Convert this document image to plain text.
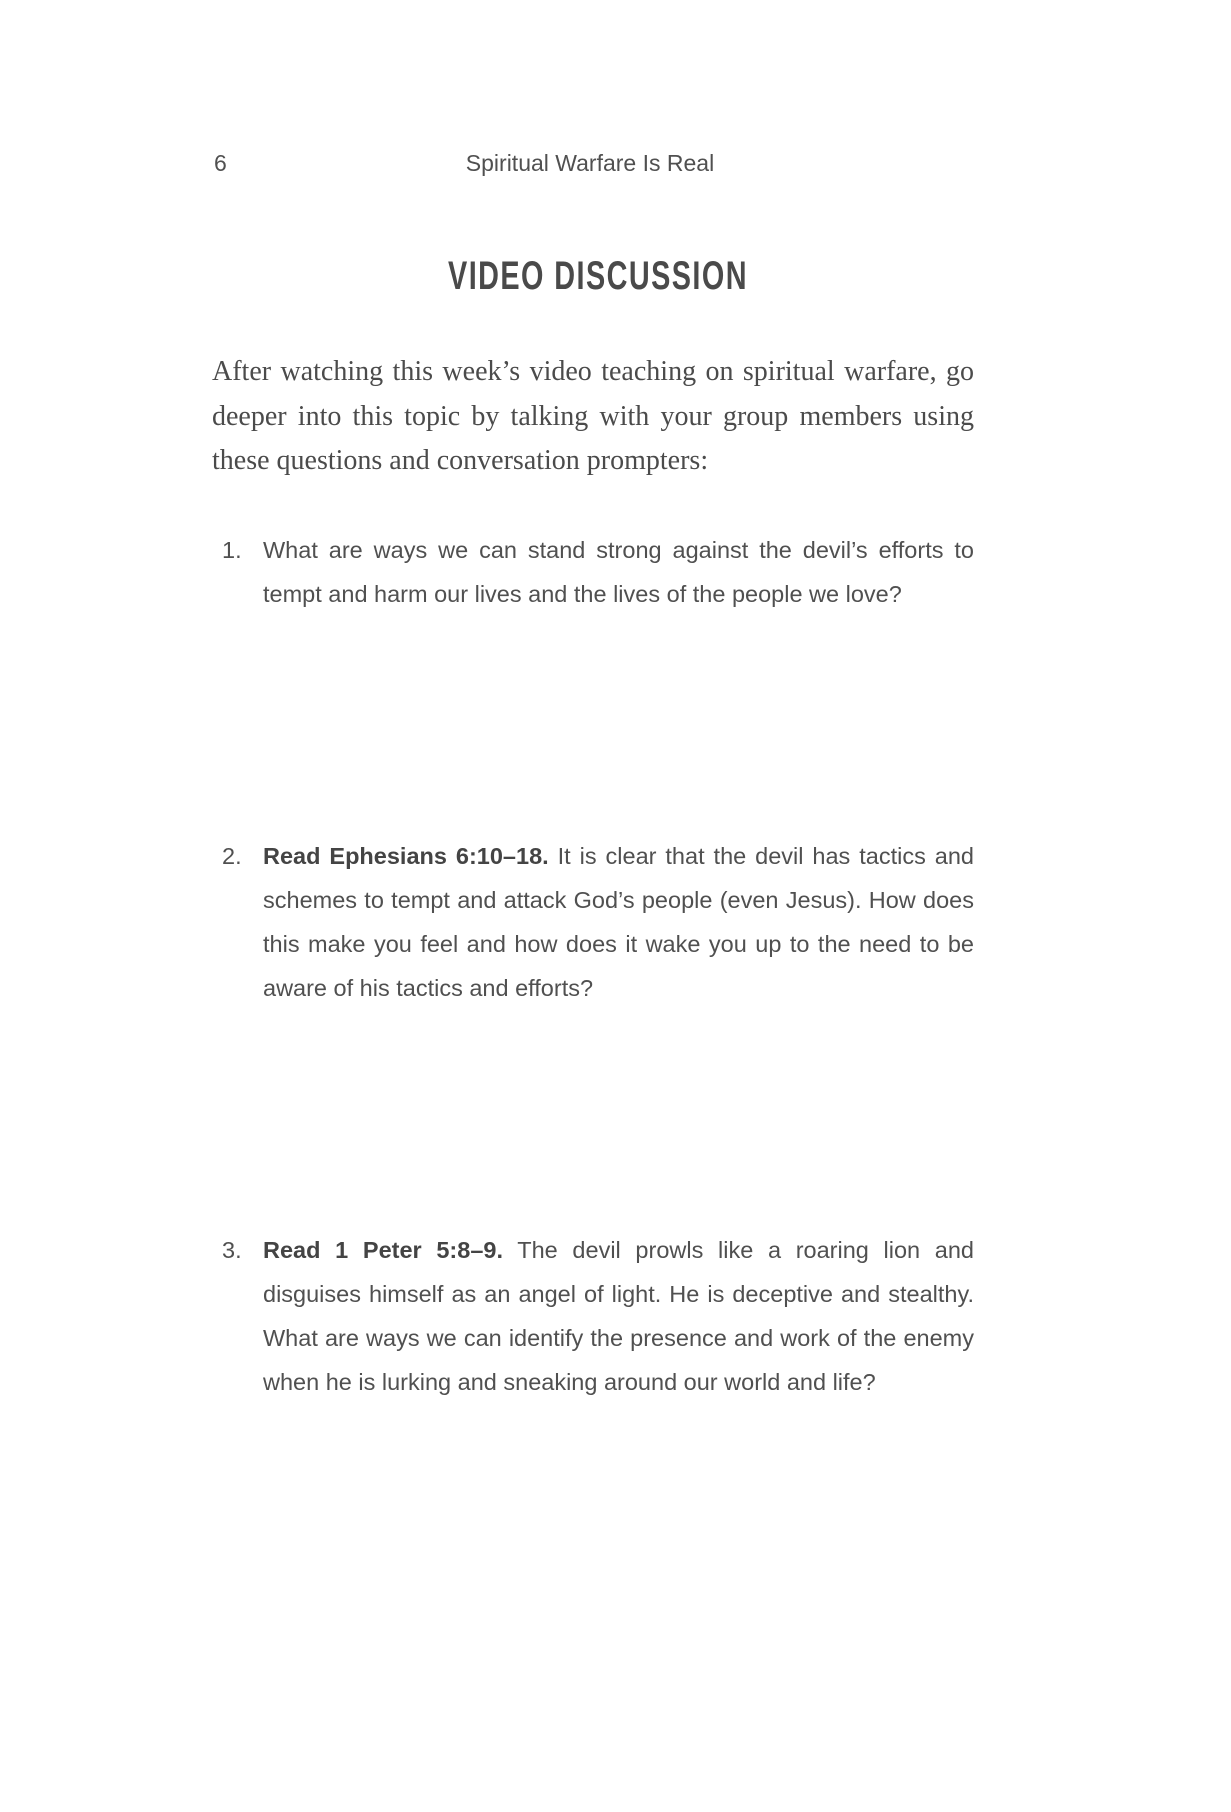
6	Spiritual Warfare Is Real
VIDEO DISCUSSION

After watching this week’s video teaching on spiritual warfare, go deeper into this topic by talking with your group members using these questions and conversation prompters:

1. What are ways we can stand strong against the devil’s efforts to tempt and harm our lives and the lives of the people we love?
2. Read Ephesians 6:10–18. It is clear that the devil has tactics and schemes to tempt and attack God’s people (even Jesus). How does this make you feel and how does it wake you up to the need to be aware of his tactics and efforts?
3. Read 1 Peter 5:8–9. The devil prowls like a roaring lion and disguises himself as an angel of light. He is deceptive and stealthy. What are ways we can identify the presence and work of the enemy when he is lurking and sneaking around our world and life?
